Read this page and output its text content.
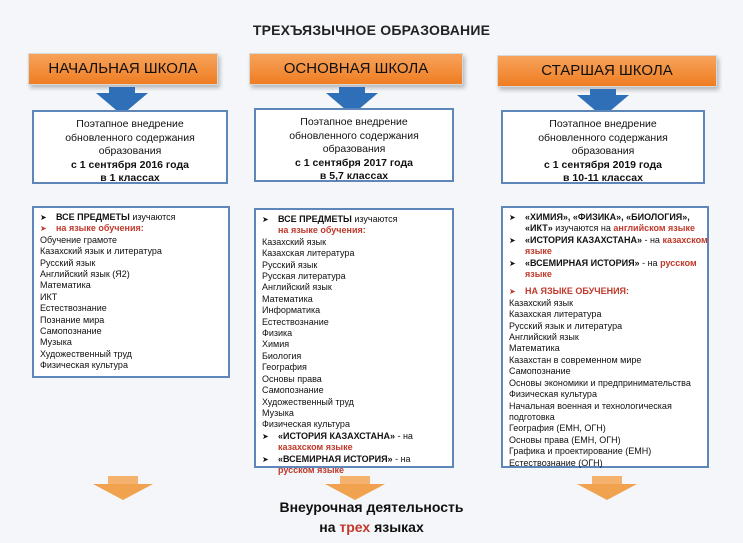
ТРЕХЪЯЗЫЧНОЕ ОБРАЗОВАНИЕ
НАЧАЛЬНАЯ ШКОЛА	ОСНОВНАЯ ШКОЛА	СТАРШАЯ ШКОЛА
Поэтапное внедрение
обновленного содержания
образования
с 1 сентября 2016 года
в 1 классах
Поэтапное внедрение
обновленного содержания
образования
с 1 сентября 2017 года
в 5,7 классах
Поэтапное внедрение
обновленного содержания
образования
с 1 сентября 2019 года
в 10-11 классах
➤ ВСЕ ПРЕДМЕТЫ изучаются
➤ на языке обучения:
Обучение грамоте
Казахский язык и литература
Русский язык
Английский язык (Я2)
Математика
ИКТ
Естествознание
Познание мира
Самопознание
Музыка
Художественный труд
Физическая культура
➤ ВСЕ ПРЕДМЕТЫ изучаются
на языке обучения:
Казахский язык
Казахская литература
Русский язык
Русская литература
Английский язык
Математика
Информатика
Естествознание
Физика
Химия
Биология
География
Основы права
Самопознание
Художественный труд
Музыка
Физическая культура
➤ «ИСТОРИЯ КАЗАХСТАНА» - на
казахском языке
➤ «ВСЕМИРНАЯ ИСТОРИЯ» - на
русском языке
➤ «ХИМИЯ», «ФИЗИКА», «БИОЛОГИЯ»,
«ИКТ» изучаются на английском языке
➤ «ИСТОРИЯ КАЗАХСТАНА» - на казахском
языке
➤ «ВСЕМИРНАЯ ИСТОРИЯ» - на русском
языке
➤ НА ЯЗЫКЕ ОБУЧЕНИЯ:
Казахский язык
Казахская литература
Русский язык и литература
Английский язык
Математика
Казахстан в современном мире
Самопознание
Основы экономики и предпринимательства
Физическая культура
Начальная военная и технологическая
подготовка
География (ЕМН, ОГН)
Основы права (ЕМН, ОГН)
Графика и проектирование (ЕМН)
Естествознание (ОГН)
Внеурочная деятельность
на трех языках
